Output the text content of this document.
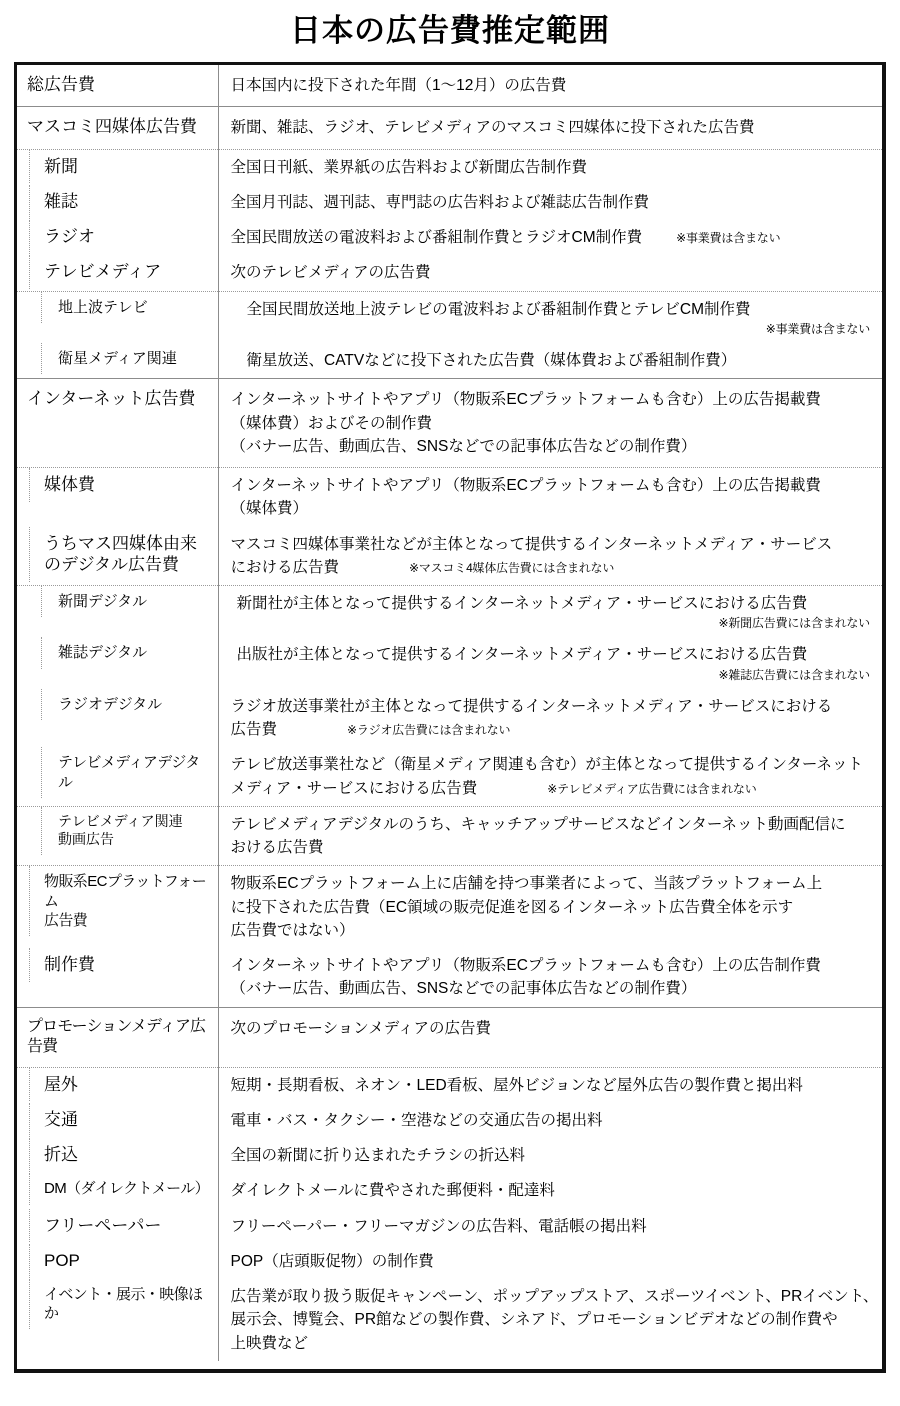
日本の広告費推定範囲
総広告費	日本国内に投下された年間（1〜12月）の広告費

マスコミ四媒体広告費	新聞、雑誌、ラジオ、テレビメディアのマスコミ四媒体に投下された広告費

新聞	全国日刊紙、業界紙の広告料および新聞広告制作費

雑誌	全国月刊誌、週刊誌、専門誌の広告料および雑誌広告制作費

ラジオ	全国民間放送の電波料および番組制作費とラジオCM制作費 ※事業費は含まない

テレビメディア	次のテレビメディアの広告費

地上波テレビ	全国民間放送地上波テレビの電波料および番組制作費とテレビCM制作費
※事業費は含まない

衛星メディア関連	衛星放送、CATVなどに投下された広告費（媒体費および番組制作費）

インターネット広告費	インターネットサイトやアプリ（物販系ECプラットフォームも含む）上の広告掲載費
（媒体費）およびその制作費
（バナー広告、動画広告、SNSなどでの記事体広告などの制作費）

媒体費	インターネットサイトやアプリ（物販系ECプラットフォームも含む）上の広告掲載費
（媒体費）

うちマス四媒体由来
のデジタル広告費	マスコミ四媒体事業社などが主体となって提供するインターネットメディア・サービス
における広告費 ※マスコミ4媒体広告費には含まれない

新聞デジタル	新聞社が主体となって提供するインターネットメディア・サービスにおける広告費
※新聞広告費には含まれない

雑誌デジタル	出版社が主体となって提供するインターネットメディア・サービスにおける広告費
※雑誌広告費には含まれない

ラジオデジタル	ラジオ放送事業社が主体となって提供するインターネットメディア・サービスにおける
広告費 ※ラジオ広告費には含まれない

テレビメディアデジタル	テレビ放送事業社など（衛星メディア関連も含む）が主体となって提供するインターネット
メディア・サービスにおける広告費 ※テレビメディア広告費には含まれない

テレビメディア関連
動画広告	テレビメディアデジタルのうち、キャッチアップサービスなどインターネット動画配信に
おける広告費

物販系ECプラットフォーム
広告費	物販系ECプラットフォーム上に店舗を持つ事業者によって、当該プラットフォーム上
に投下された広告費（EC領域の販売促進を図るインターネット広告費全体を示す
広告費ではない）

制作費	インターネットサイトやアプリ（物販系ECプラットフォームも含む）上の広告制作費
（バナー広告、動画広告、SNSなどでの記事体広告などの制作費）

プロモーションメディア広告費	次のプロモーションメディアの広告費

屋外	短期・長期看板、ネオン・LED看板、屋外ビジョンなど屋外広告の製作費と掲出料

交通	電車・バス・タクシー・空港などの交通広告の掲出料

折込	全国の新聞に折り込まれたチラシの折込料

DM（ダイレクトメール）	ダイレクトメールに費やされた郵便料・配達料

フリーペーパー	フリーペーパー・フリーマガジンの広告料、電話帳の掲出料

POP	POP（店頭販促物）の制作費

イベント・展示・映像ほか	広告業が取り扱う販促キャンペーン、ポップアップストア、スポーツイベント、PRイベント、
展示会、博覧会、PR館などの製作費、シネアド、プロモーションビデオなどの制作費や
上映費など
